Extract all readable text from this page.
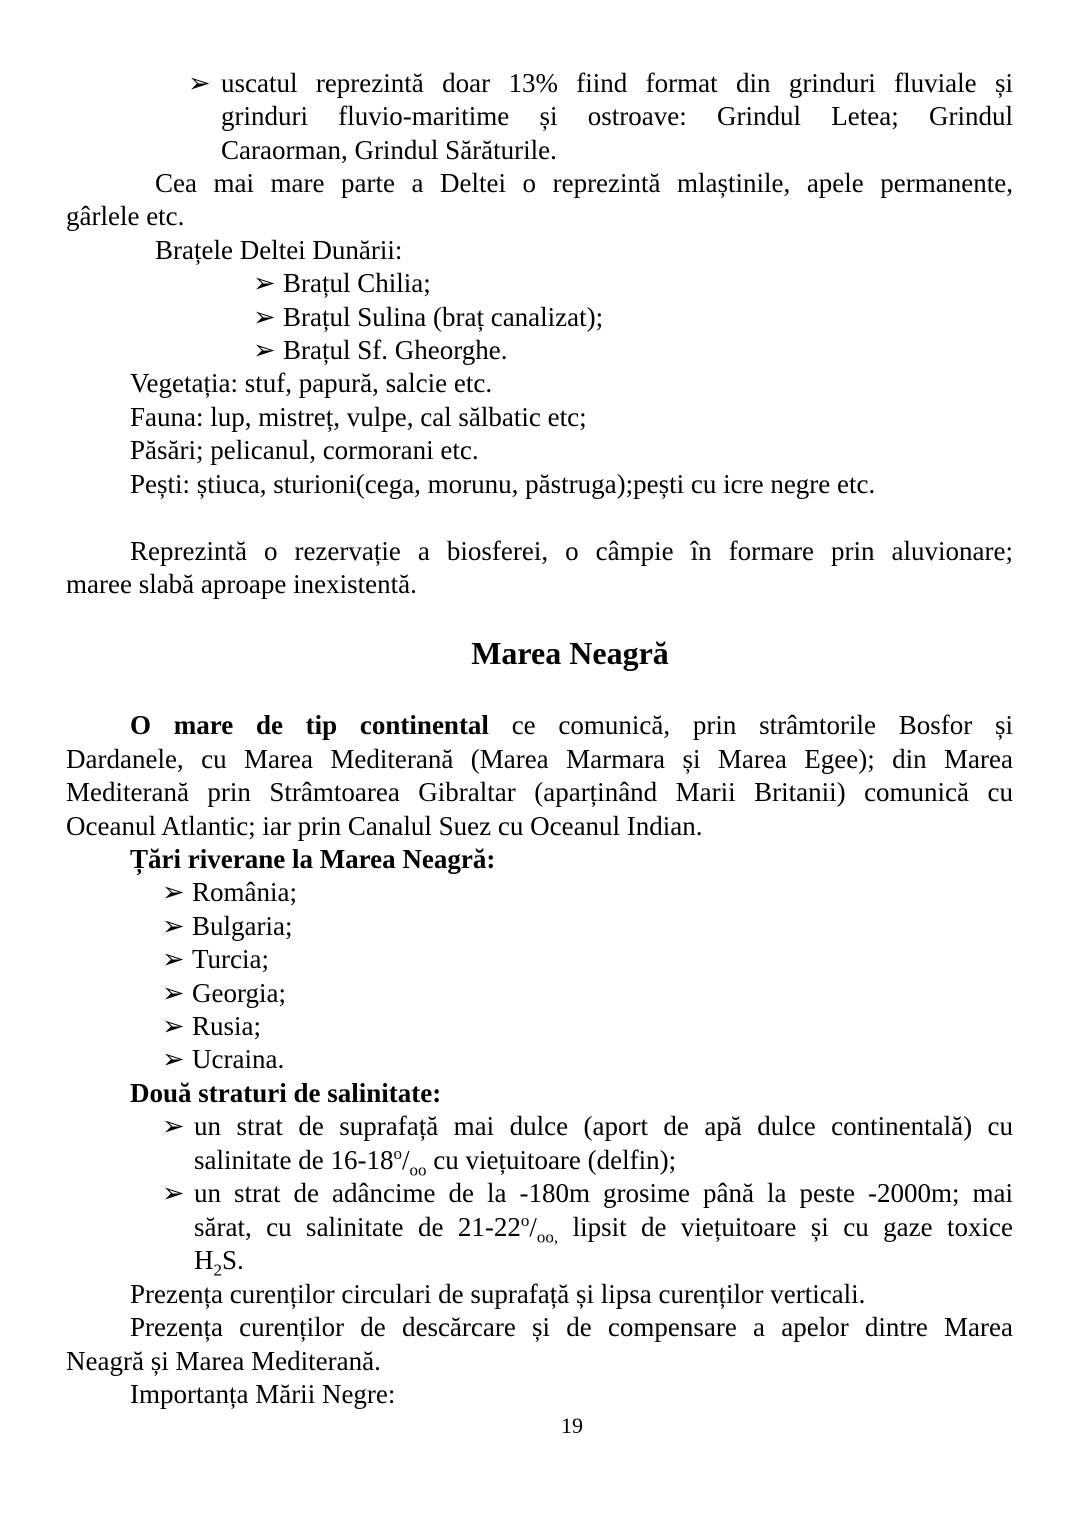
➢ uscatul reprezintă doar 13% fiind format din grinduri fluviale și
grinduri fluvio-maritime și ostroave: Grindul Letea; Grindul
Caraorman, Grindul Sărăturile.
Cea mai mare parte a Deltei o reprezintă mlaștinile, apele permanente,
gârlele etc.
Brațele Deltei Dunării:
➢ Brațul Chilia;
➢ Brațul Sulina (braț canalizat);
➢ Brațul Sf. Gheorghe.
Vegetația: stuf, papură, salcie etc.
Fauna: lup, mistreț, vulpe, cal sălbatic etc;
Păsări; pelicanul, cormorani etc.
Pești: știuca, sturioni(cega, morunu, păstruga);pești cu icre negre etc.
Reprezintă o rezervație a biosferei, o câmpie în formare prin aluvionare;
maree slabă aproape inexistentă.
Marea Neagră
O mare de tip continental ce comunică, prin strâmtorile Bosfor și
Dardanele, cu Marea Mediterană (Marea Marmara și Marea Egee); din Marea
Mediterană prin Strâmtoarea Gibraltar (aparținând Marii Britanii) comunică cu
Oceanul Atlantic; iar prin Canalul Suez cu Oceanul Indian.
Țări riverane la Marea Neagră:
➢ România;
➢ Bulgaria;
➢ Turcia;
➢ Georgia;
➢ Rusia;
➢ Ucraina.
Două straturi de salinitate:
➢ un strat de suprafață mai dulce (aport de apă dulce continentală) cu
salinitate de $16-18^o/_{oo}$ cu viețuitoare (delfin);
➢ un strat de adâncime de la -180m grosime până la peste -2000m; mai
sărat, cu salinitate de $21-22^o/_{oo,}$ lipsit de viețuitoare și cu gaze toxice
$H_2S$.
Prezența curenților circulari de suprafață și lipsa curenților verticali.
Prezența curenților de descărcare și de compensare a apelor dintre Marea
Neagră și Marea Mediterană.
Importanța Mării Negre:
19
